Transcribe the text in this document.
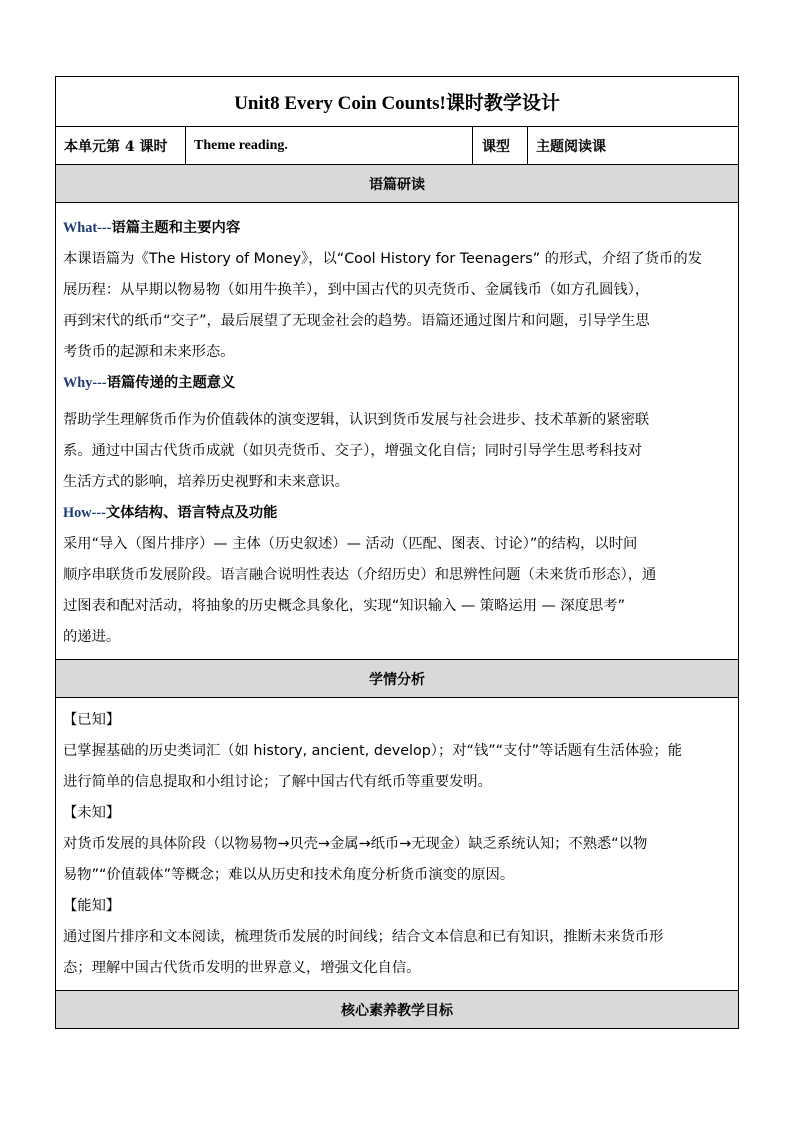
Unit8 Every Coin Counts!课时教学设计
本单元第 4 课时	Theme reading.	课型	主题阅读课
语篇研读

What---语篇主题和主要内容

本课语篇为《The History of Money》，以“Cool History for Teenagers” 的形式，介绍了货币的发

展历程：从早期以物易物（如用牛换羊），到中国古代的贝壳货币、金属钱币（如方孔圆钱），

再到宋代的纸币“交子”，最后展望了无现金社会的趋势。语篇还通过图片和问题，引导学生思

考货币的起源和未来形态。

Why---语篇传递的主题意义

帮助学生理解货币作为价值载体的演变逻辑，认识到货币发展与社会进步、技术革新的紧密联

系。通过中国古代货币成就（如贝壳货币、交子），增强文化自信；同时引导学生思考科技对

生活方式的影响，培养历史视野和未来意识。

How---文体结构、语言特点及功能

采用“导入（图片排序）— 主体（历史叙述）— 活动（匹配、图表、讨论）”的结构，以时间

顺序串联货币发展阶段。语言融合说明性表达（介绍历史）和思辨性问题（未来货币形态），通

过图表和配对活动，将抽象的历史概念具象化，实现“知识输入 — 策略运用 — 深度思考”

的递进。

学情分析

【已知】

已掌握基础的历史类词汇（如 history, ancient, develop）；对“钱”“支付”等话题有生活体验；能

进行简单的信息提取和小组讨论；了解中国古代有纸币等重要发明。

【未知】

对货币发展的具体阶段（以物易物→贝壳→金属→纸币→无现金）缺乏系统认知；不熟悉“以物

易物”“价值载体”等概念；难以从历史和技术角度分析货币演变的原因。

【能知】

通过图片排序和文本阅读，梳理货币发展的时间线；结合文本信息和已有知识，推断未来货币形

态；理解中国古代货币发明的世界意义，增强文化自信。

核心素养教学目标
